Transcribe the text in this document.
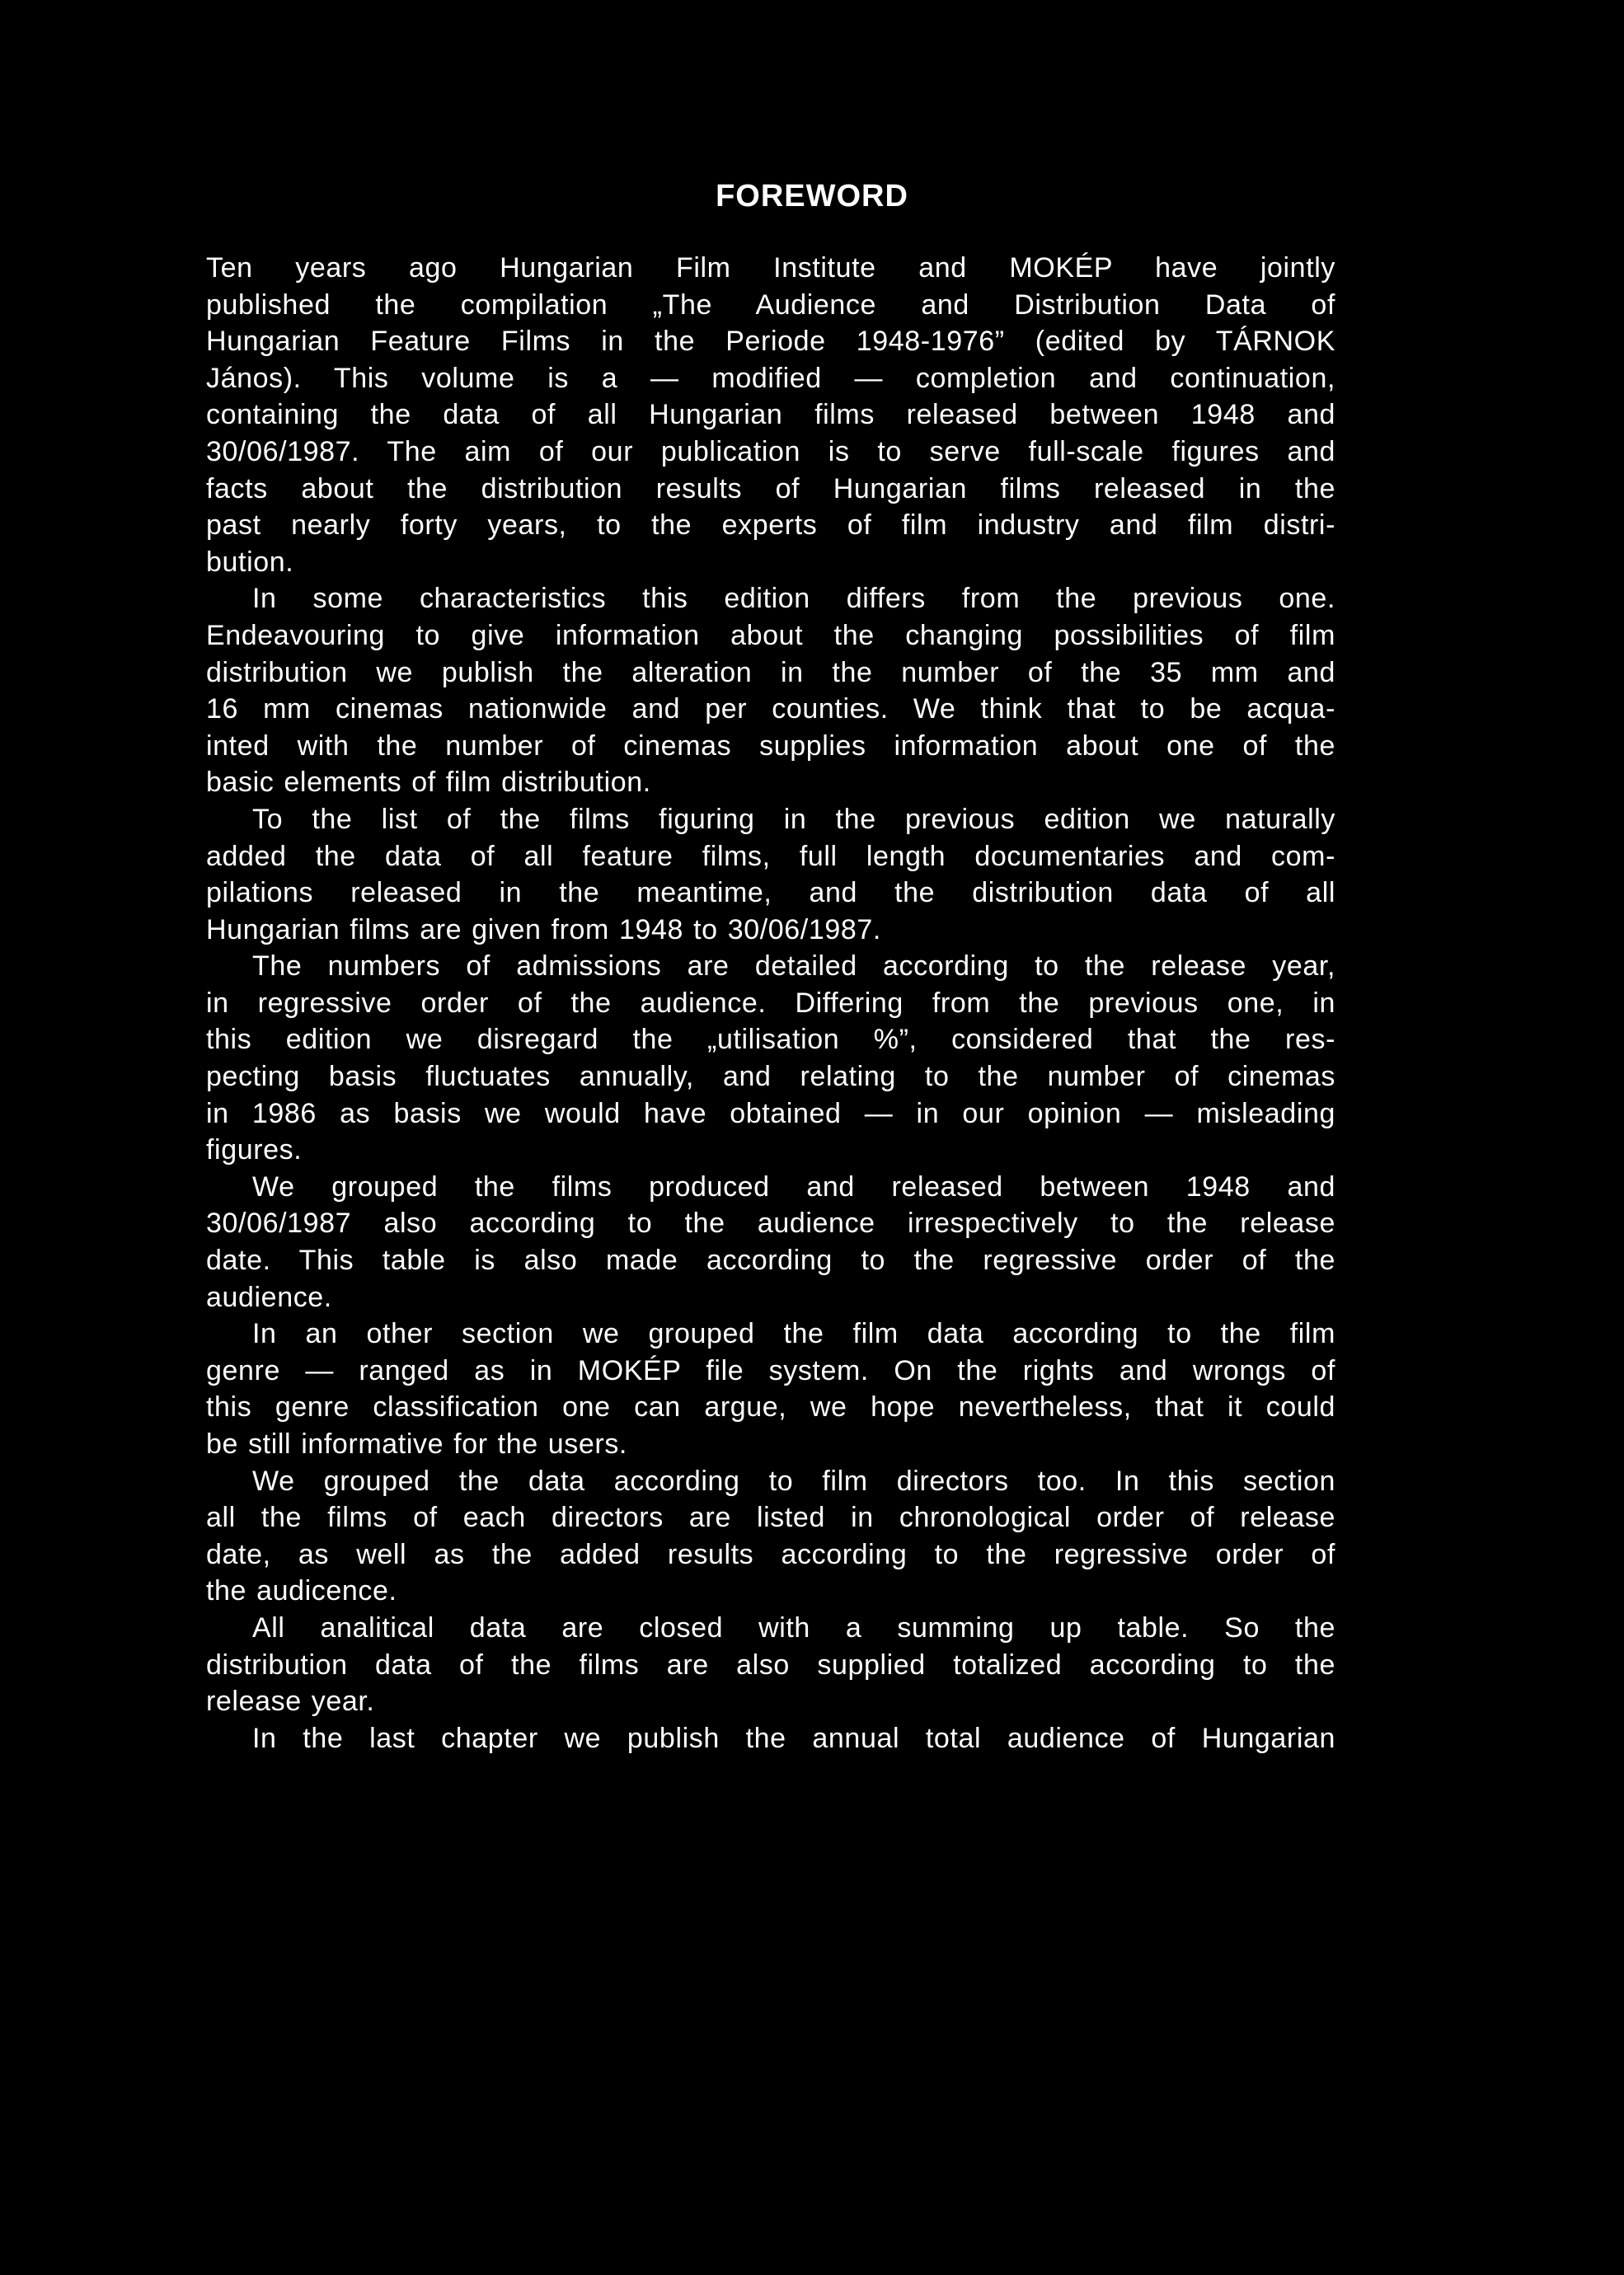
FOREWORD
Ten years ago Hungarian Film Institute and MOKÉP have jointly
published the compilation „The Audience and Distribution Data of
Hungarian Feature Films in the Periode 1948-1976” (edited by TÁRNOK
János). This volume is a — modified — completion and continuation,
containing the data of all Hungarian films released between 1948 and
30/06/1987. The aim of our publication is to serve full-scale figures and
facts about the distribution results of Hungarian films released in the
past nearly forty years, to the experts of film industry and film distri-
bution.
In some characteristics this edition differs from the previous one.
Endeavouring to give information about the changing possibilities of film
distribution we publish the alteration in the number of the 35 mm and
16 mm cinemas nationwide and per counties. We think that to be acqua-
inted with the number of cinemas supplies information about one of the
basic elements of film distribution.
To the list of the films figuring in the previous edition we naturally
added the data of all feature films, full length documentaries and com-
pilations released in the meantime, and the distribution data of all
Hungarian films are given from 1948 to 30/06/1987.
The numbers of admissions are detailed according to the release year,
in regressive order of the audience. Differing from the previous one, in
this edition we disregard the „utilisation %”, considered that the res-
pecting basis fluctuates annually, and relating to the number of cinemas
in 1986 as basis we would have obtained — in our opinion — misleading
figures.
We grouped the films produced and released between 1948 and
30/06/1987 also according to the audience irrespectively to the release
date. This table is also made according to the regressive order of the
audience.
In an other section we grouped the film data according to the film
genre — ranged as in MOKÉP file system. On the rights and wrongs of
this genre classification one can argue, we hope nevertheless, that it could
be still informative for the users.
We grouped the data according to film directors too. In this section
all the films of each directors are listed in chronological order of release
date, as well as the added results according to the regressive order of
the audicence.
All analitical data are closed with a summing up table. So the
distribution data of the films are also supplied totalized according to the
release year.
In the last chapter we publish the annual total audience of Hungarian
